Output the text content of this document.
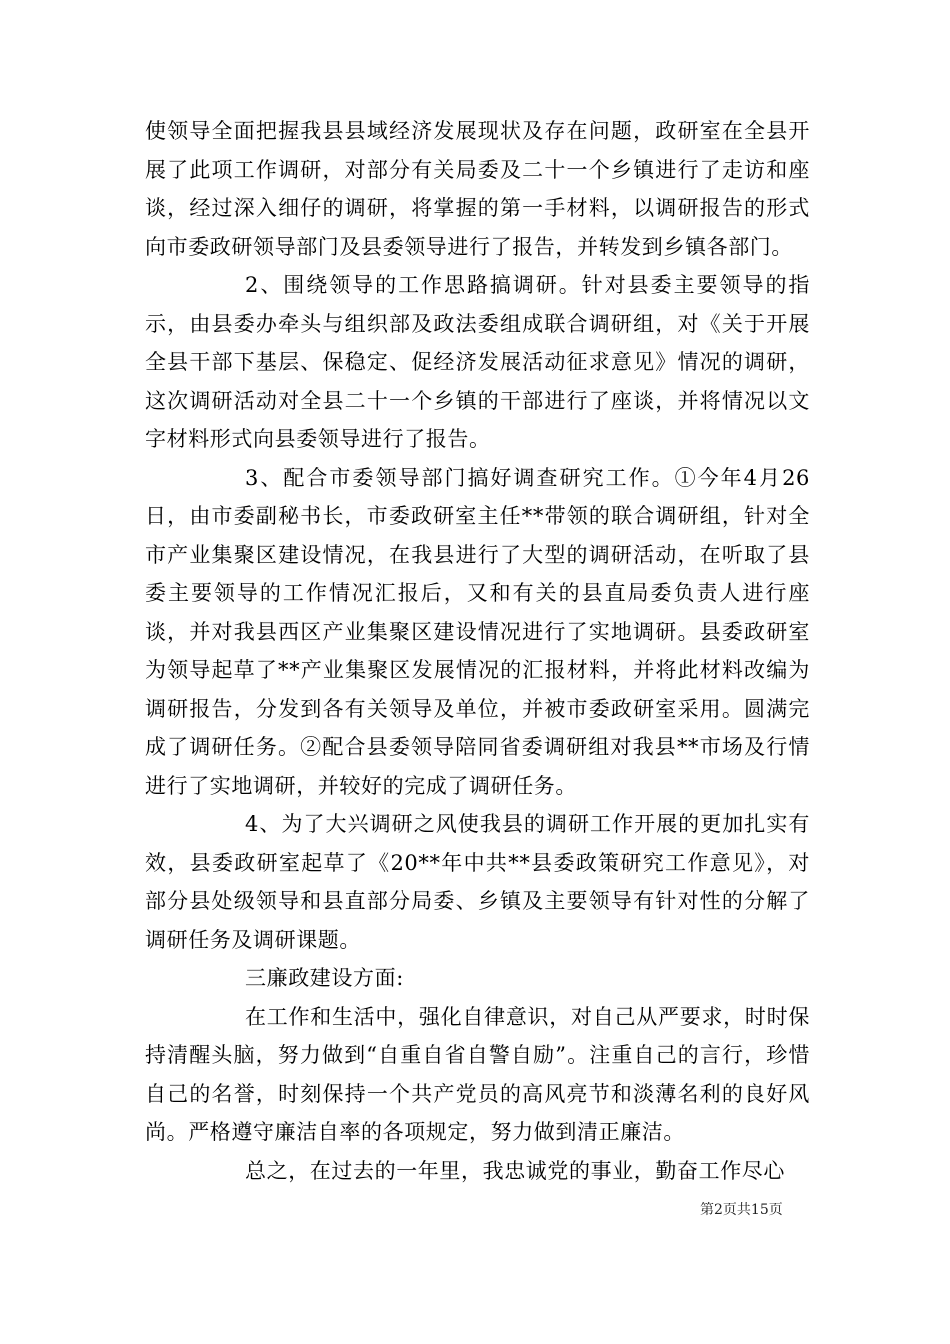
使领导全面把握我县县域经济发展现状及存在问题，政研室在全县开展了此项工作调研，对部分有关局委及二十一个乡镇进行了走访和座谈，经过深入细仔的调研，将掌握的第一手材料，以调研报告的形式向市委政研领导部门及县委领导进行了报告，并转发到乡镇各部门。

2、围绕领导的工作思路搞调研。针对县委主要领导的指示，由县委办牵头与组织部及政法委组成联合调研组，对《关于开展全县干部下基层、保稳定、促经济发展活动征求意见》情况的调研，这次调研活动对全县二十一个乡镇的干部进行了座谈，并将情况以文字材料形式向县委领导进行了报告。

3、配合市委领导部门搞好调查研究工作。①今年4月26日，由市委副秘书长，市委政研室主任**带领的联合调研组，针对全市产业集聚区建设情况，在我县进行了大型的调研活动，在听取了县委主要领导的工作情况汇报后，又和有关的县直局委负责人进行座谈，并对我县西区产业集聚区建设情况进行了实地调研。县委政研室为领导起草了**产业集聚区发展情况的汇报材料，并将此材料改编为调研报告，分发到各有关领导及单位，并被市委政研室采用。圆满完成了调研任务。②配合县委领导陪同省委调研组对我县**市场及行情进行了实地调研，并较好的完成了调研任务。

4、为了大兴调研之风使我县的调研工作开展的更加扎实有效，县委政研室起草了《20**年中共**县委政策研究工作意见》，对部分县处级领导和县直部分局委、乡镇及主要领导有针对性的分解了调研任务及调研课题。

三廉政建设方面:

在工作和生活中，强化自律意识，对自己从严要求，时时保持清醒头脑，努力做到“自重自省自警自励”。注重自己的言行，珍惜自己的名誉，时刻保持一个共产党员的高风亮节和淡薄名利的良好风尚。严格遵守廉洁自率的各项规定，努力做到清正廉洁。

总之，在过去的一年里，我忠诚党的事业，勤奋工作尽心

第2页共15页
